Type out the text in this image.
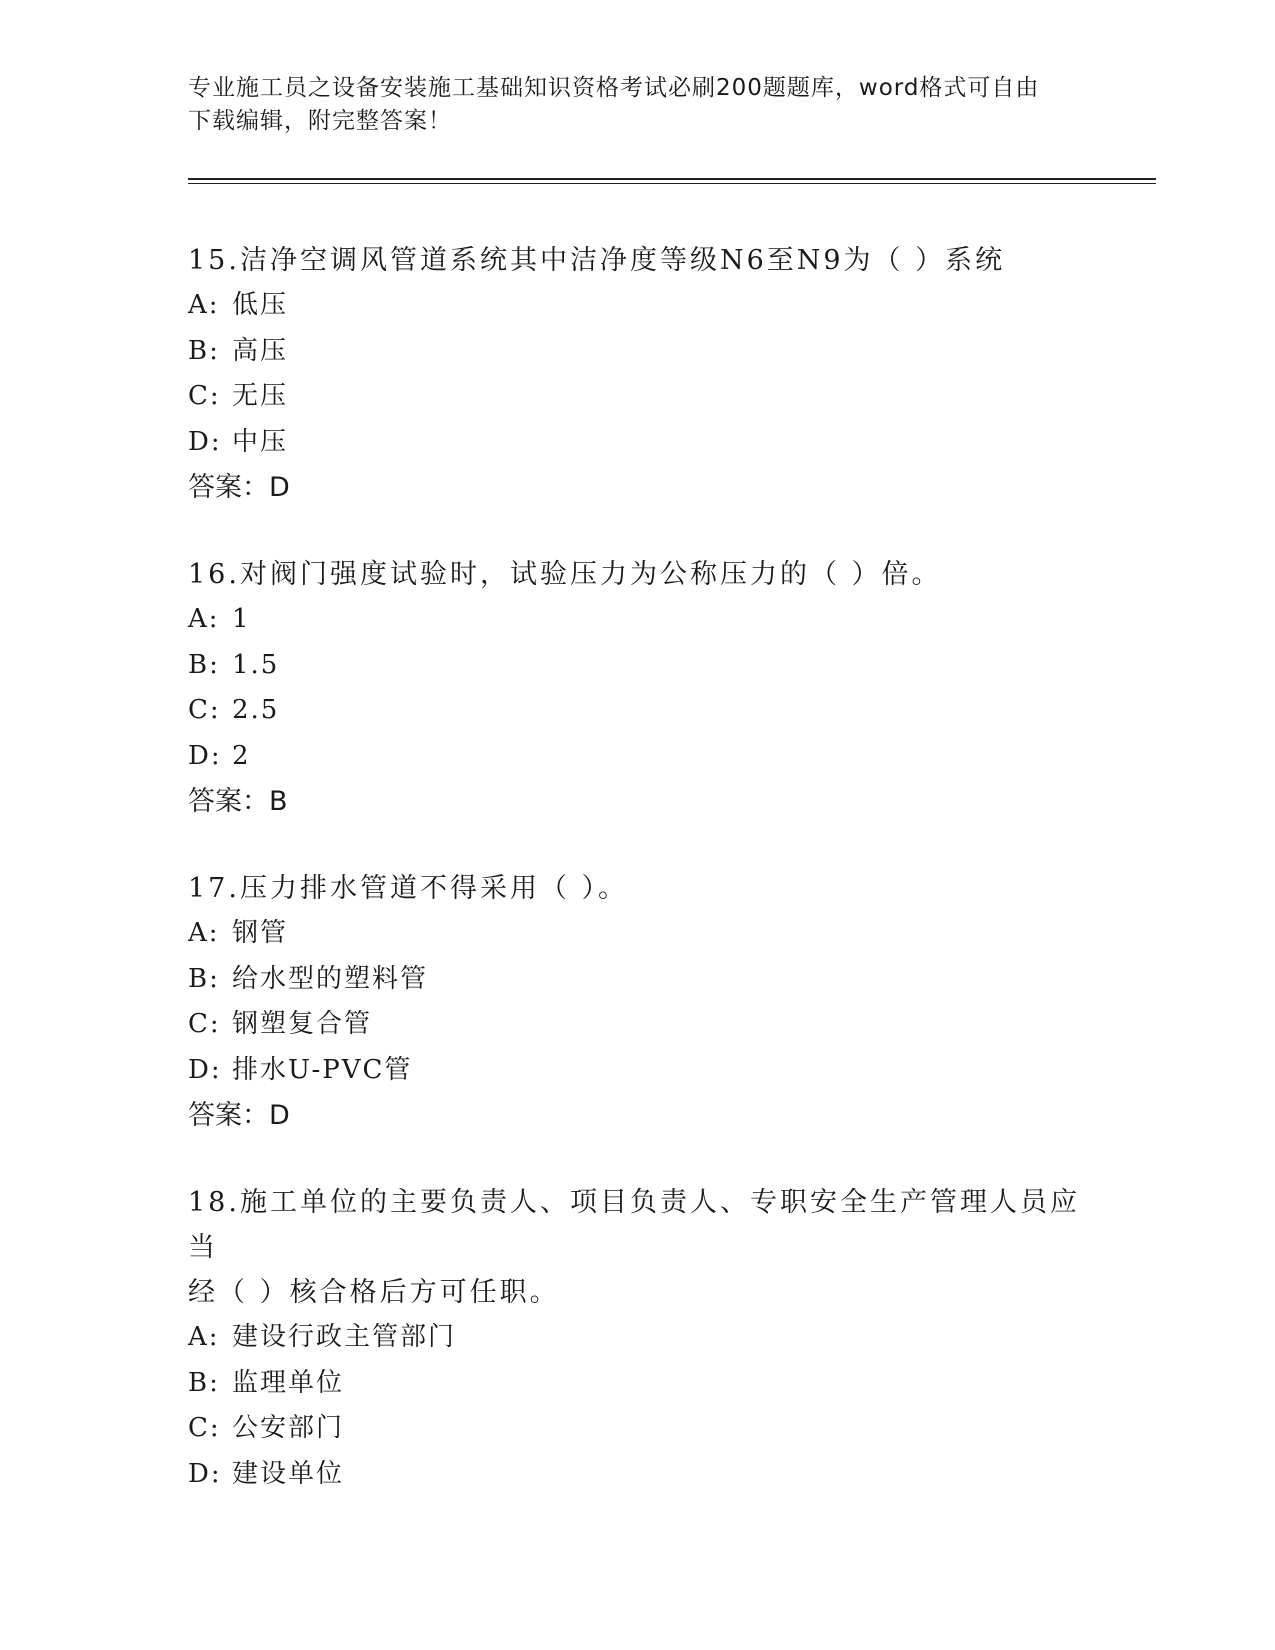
专业施工员之设备安装施工基础知识资格考试必刷200题题库，word格式可自由
下载编辑，附完整答案！
15.洁净空调风管道系统其中洁净度等级N6至N9为（ ）系统
A: 低压
B: 高压
C: 无压
D: 中压
答案：D
16.对阀门强度试验时，试验压力为公称压力的（ ）倍。
A: 1
B: 1.5
C: 2.5
D: 2
答案：B
17.压力排水管道不得采用（ ）。
A: 钢管
B: 给水型的塑料管
C: 钢塑复合管
D: 排水U-PVC管
答案：D
18.施工单位的主要负责人、项目负责人、专职安全生产管理人员应当
经（ ）核合格后方可任职。
A: 建设行政主管部门
B: 监理单位
C: 公安部门
D: 建设单位
